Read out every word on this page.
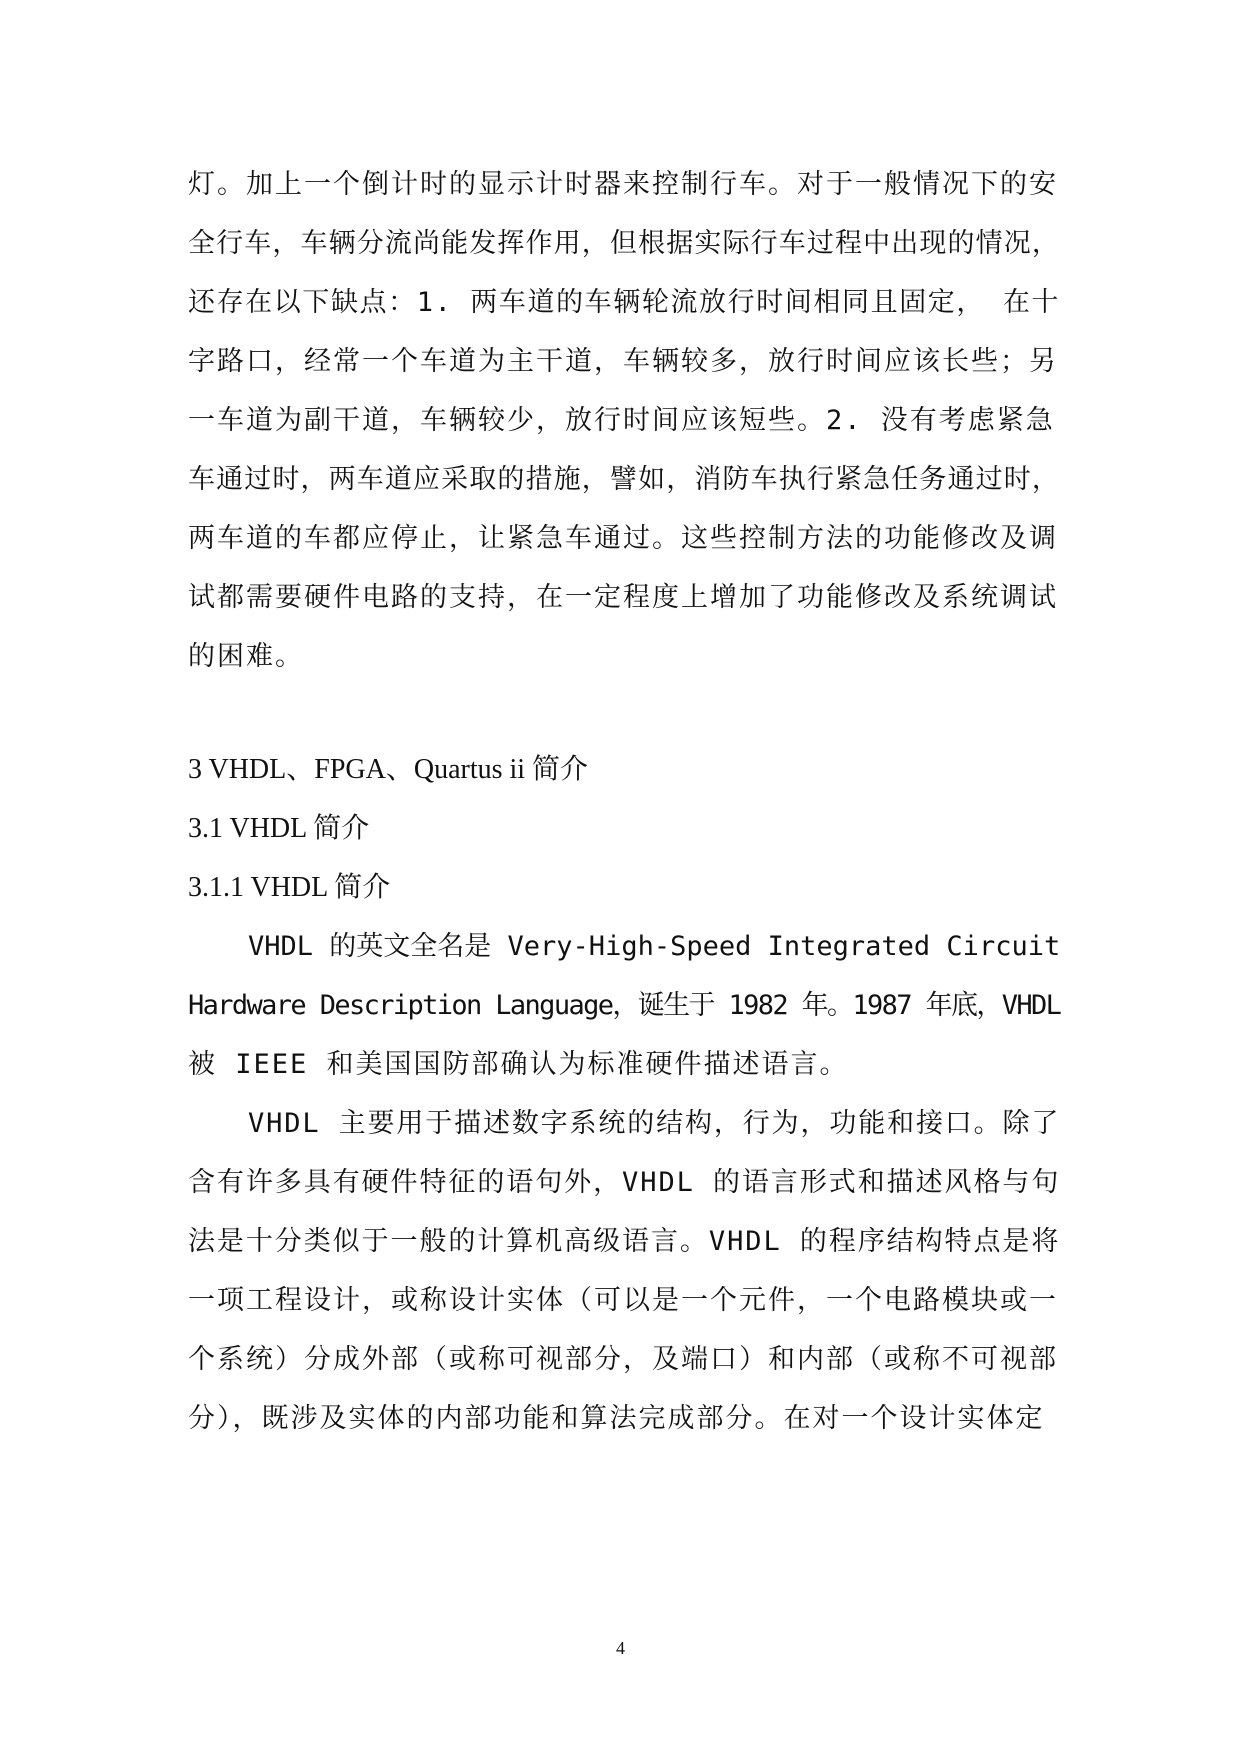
灯。加上一个倒计时的显示计时器来控制行车。对于一般情况下的安
全行车，车辆分流尚能发挥作用，但根据实际行车过程中出现的情况，
还存在以下缺点：1. 两车道的车辆轮流放行时间相同且固定， 在十
字路口，经常一个车道为主干道，车辆较多，放行时间应该长些；另
一车道为副干道，车辆较少，放行时间应该短些。2. 没有考虑紧急
车通过时，两车道应采取的措施，譬如，消防车执行紧急任务通过时，
两车道的车都应停止，让紧急车通过。这些控制方法的功能修改及调
试都需要硬件电路的支持，在一定程度上增加了功能修改及系统调试
的困难。
3 VHDL、FPGA、Quartus ii 简介
3.1 VHDL 简介
3.1.1 VHDL 简介
VHDL 的英文全名是 Very-High-Speed Integrated Circuit
Hardware Description Language，诞生于 1982 年。1987 年底，VHDL
被 IEEE 和美国国防部确认为标准硬件描述语言。
VHDL 主要用于描述数字系统的结构，行为，功能和接口。除了
含有许多具有硬件特征的语句外，VHDL 的语言形式和描述风格与句
法是十分类似于一般的计算机高级语言。VHDL 的程序结构特点是将
一项工程设计，或称设计实体（可以是一个元件，一个电路模块或一
个系统）分成外部（或称可视部分，及端口）和内部（或称不可视部
分），既涉及实体的内部功能和算法完成部分。在对一个设计实体定
4
